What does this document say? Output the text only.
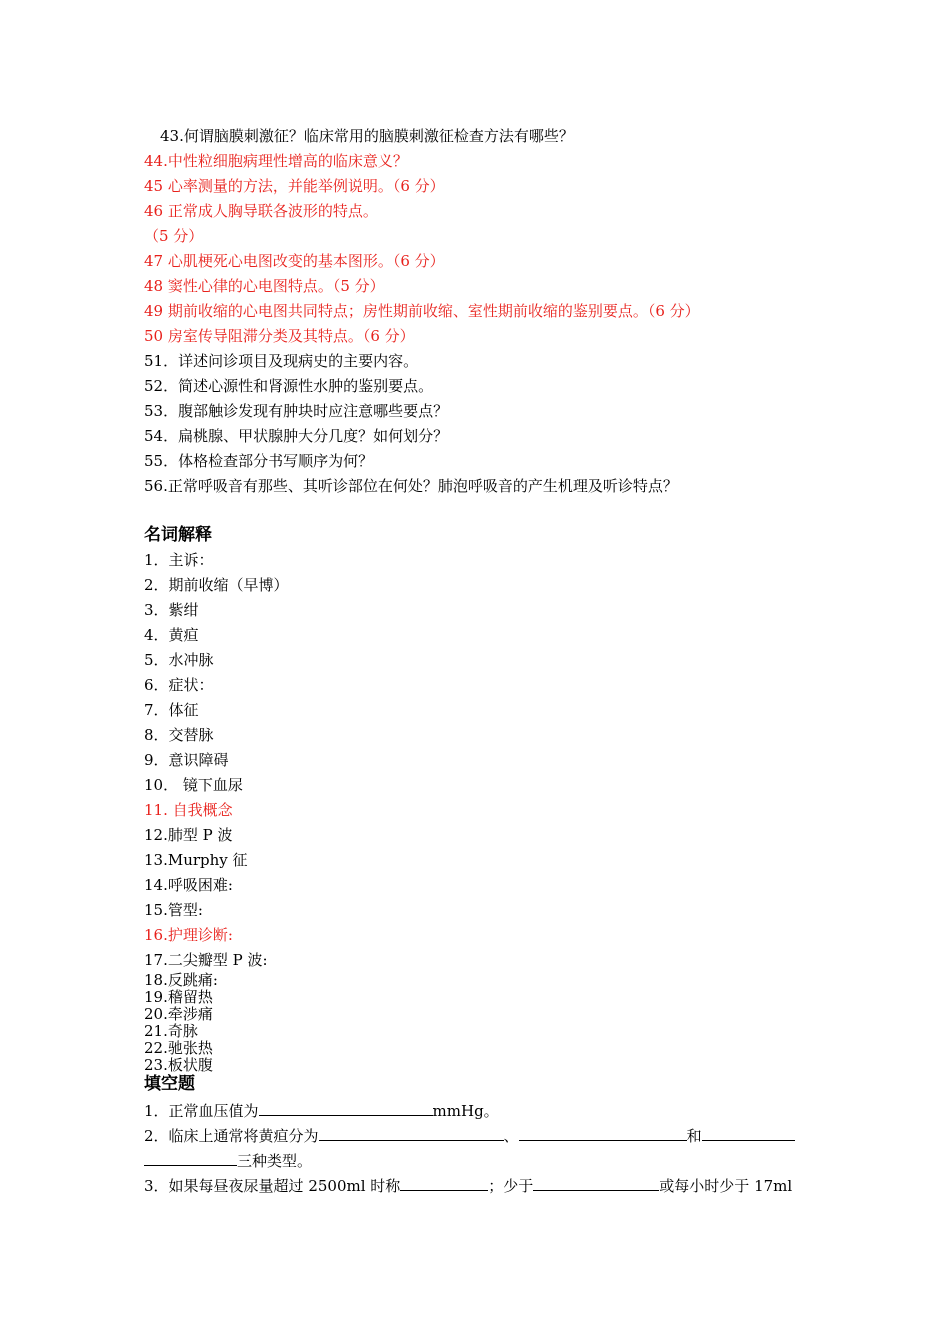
43.何谓脑膜刺激征？临床常用的脑膜刺激征检查方法有哪些？
44.中性粒细胞病理性增高的临床意义？
45 心率测量的方法，并能举例说明。（6 分）
46 正常成人胸导联各波形的特点。
（5 分）
47 心肌梗死心电图改变的基本图形。（6 分）
48 窦性心律的心电图特点。（5 分）
49 期前收缩的心电图共同特点；房性期前收缩、室性期前收缩的鉴别要点。（6 分）
50 房室传导阻滞分类及其特点。（6 分）
51．详述问诊项目及现病史的主要内容。
52．简述心源性和肾源性水肿的鉴别要点。
53．腹部触诊发现有肿块时应注意哪些要点？
54．扁桃腺、甲状腺肿大分几度？如何划分？
55．体格检查部分书写顺序为何？
56.正常呼吸音有那些、其听诊部位在何处？肺泡呼吸音的产生机理及听诊特点？
名词解释
1．主诉：
2．期前收缩（早博）
3．紫绀
4．黄疸
5．水冲脉
6．症状：
7．体征
8．交替脉
9．意识障碍
10． 镜下血尿
11. 自我概念
12.肺型 P 波
13.Murphy 征
14.呼吸困难:
15.管型:
16.护理诊断:
17.二尖瓣型 P 波:
18.反跳痛:
19.稽留热
20.牵涉痛
21.奇脉
22.驰张热
23.板状腹
填空题
1．正常血压值为	mmHg。
2．临床上通常将黄疸分为	、	和
三种类型。
3．如果每昼夜尿量超过 2500ml 时称	；少于	或每小时少于 17ml
